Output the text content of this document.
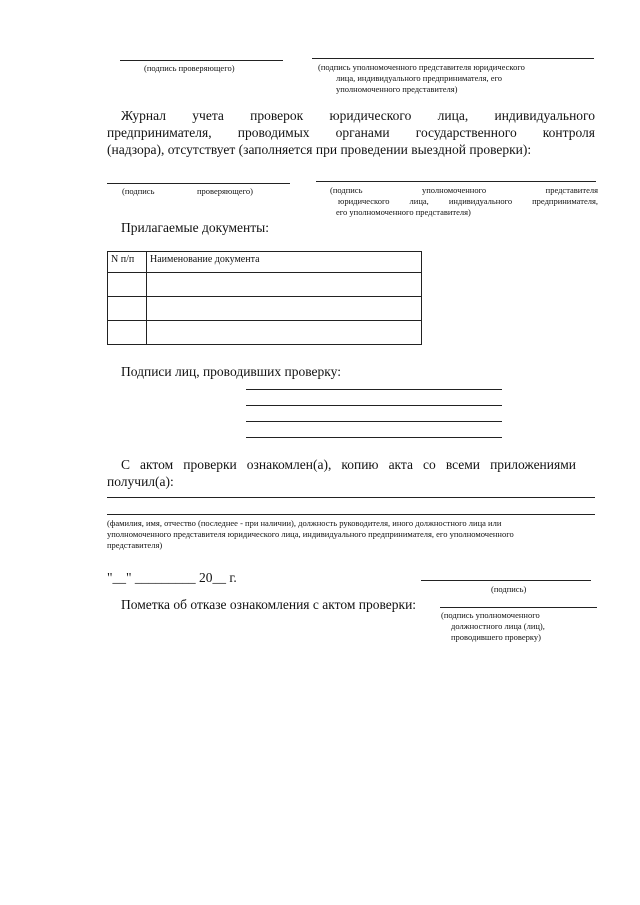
(подпись проверяющего)	(подпись уполномоченного представителя юридического
лица, индивидуального предпринимателя, его
уполномоченного представителя)
Журнал учета проверок юридического лица, индивидуального
предпринимателя, проводимых органами государственного контроля
(надзора), отсутствует (заполняется при проведении выездной проверки):
(подпись                    проверяющего)	(подпись уполномоченного представителя
юридического лица, индивидуального предпринимателя,
его уполномоченного представителя)
Прилагаемые документы:
N п/п	Наименование документа

Подписи лиц, проводивших проверку:
С актом проверки ознакомлен(а), копию акта со всеми приложениями
получил(а):
(фамилия, имя, отчество (последнее - при наличии), должность руководителя, иного должностного лица или
уполномоченного представителя юридического лица, индивидуального предпринимателя, его уполномоченного
представителя)
"__" _________ 20__ г.
(подпись)
Пометка об отказе ознакомления с актом проверки:
(подпись уполномоченного
должностного лица (лиц),
проводившего проверку)
